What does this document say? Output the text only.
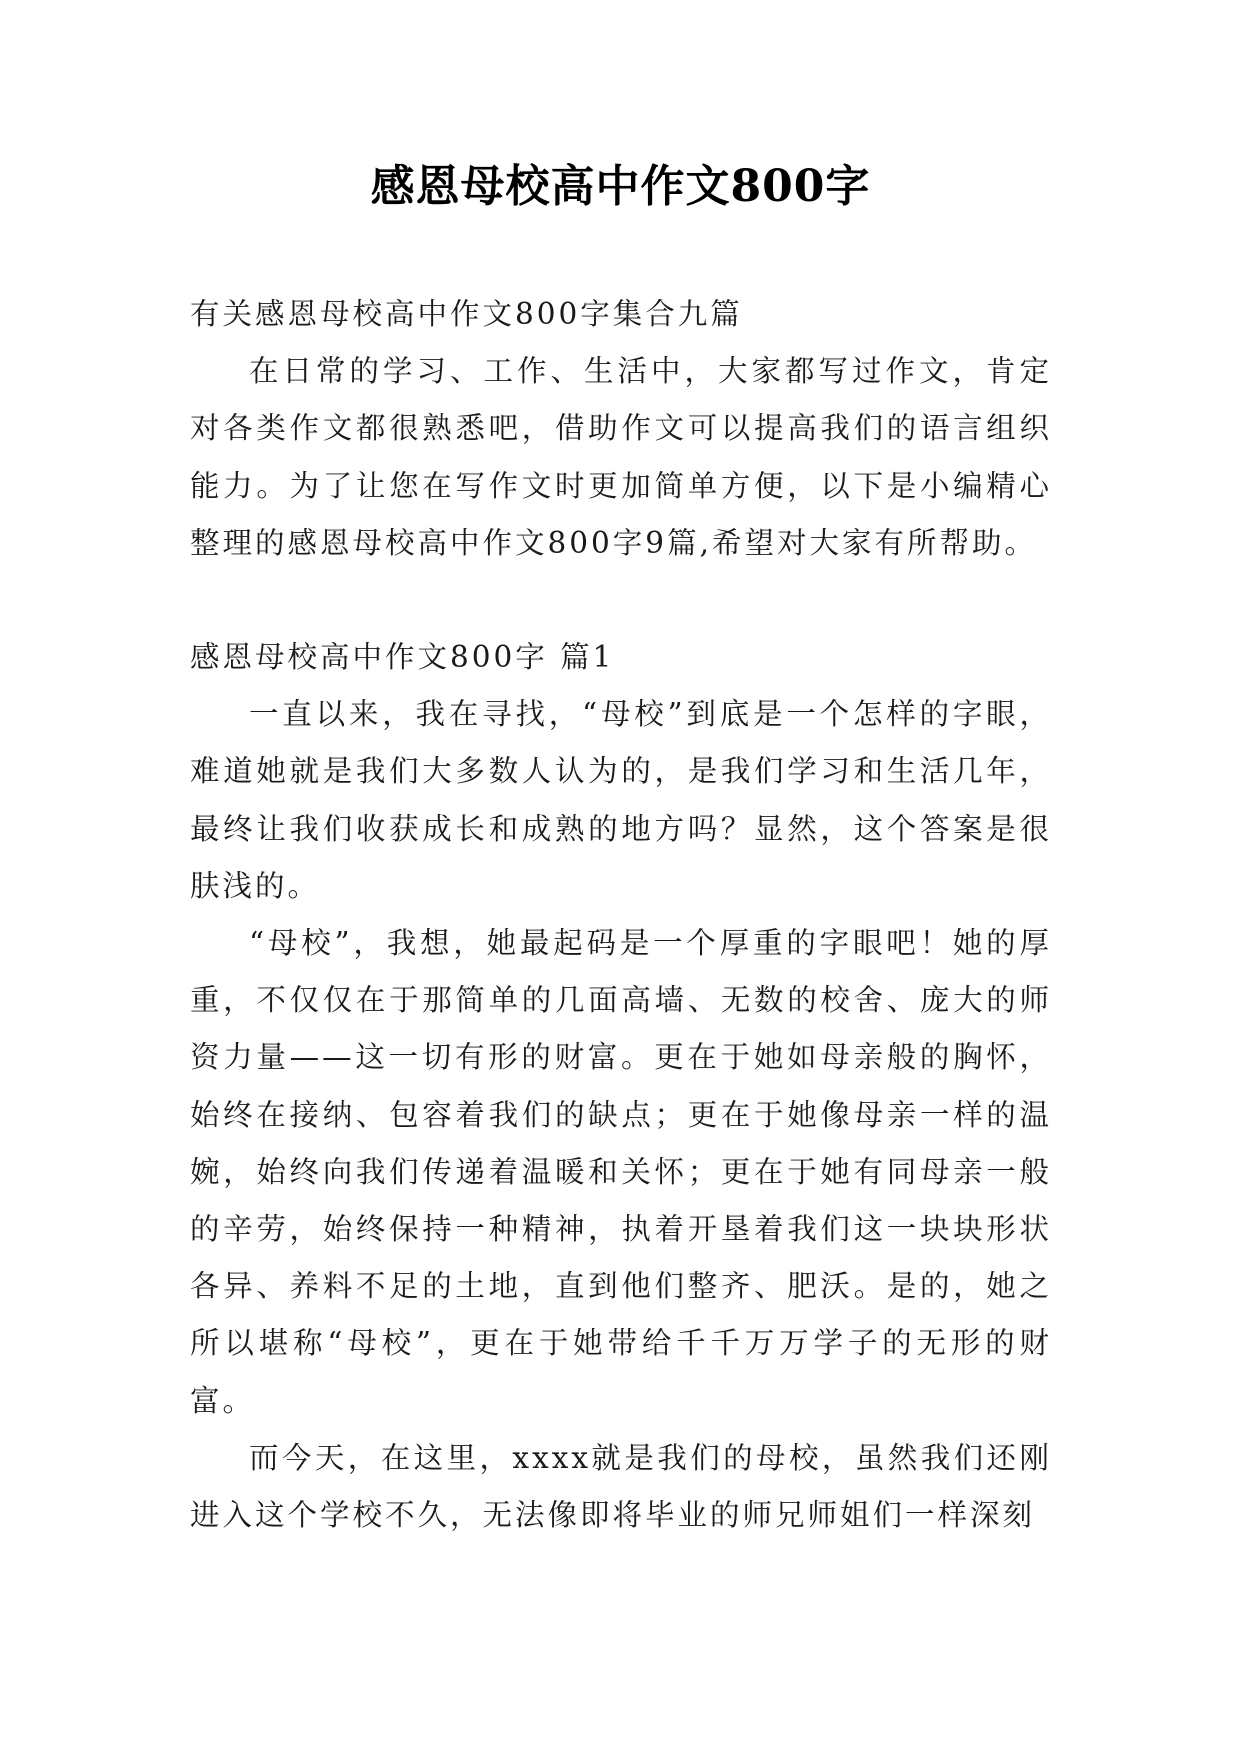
感恩母校高中作文800字

有关感恩母校高中作文800字集合九篇

在日常的学习、工作、生活中，大家都写过作文，肯定对各类作文都很熟悉吧，借助作文可以提高我们的语言组织能力。为了让您在写作文时更加简单方便，以下是小编精心整理的感恩母校高中作文800字9篇,希望对大家有所帮助。

感恩母校高中作文800字 篇1

一直以来，我在寻找，“母校”到底是一个怎样的字眼，难道她就是我们大多数人认为的，是我们学习和生活几年，最终让我们收获成长和成熟的地方吗？显然，这个答案是很肤浅的。

“母校”，我想，她最起码是一个厚重的字眼吧！她的厚重，不仅仅在于那简单的几面高墙、无数的校舍、庞大的师资力量——这一切有形的财富。更在于她如母亲般的胸怀，始终在接纳、包容着我们的缺点；更在于她像母亲一样的温婉，始终向我们传递着温暖和关怀；更在于她有同母亲一般的辛劳，始终保持一种精神，执着开垦着我们这一块块形状各异、养料不足的土地，直到他们整齐、肥沃。是的，她之所以堪称“母校”，更在于她带给千千万万学子的无形的财富。

而今天，在这里，xxxx就是我们的母校，虽然我们还刚进入这个学校不久，无法像即将毕业的师兄师姐们一样深刻
